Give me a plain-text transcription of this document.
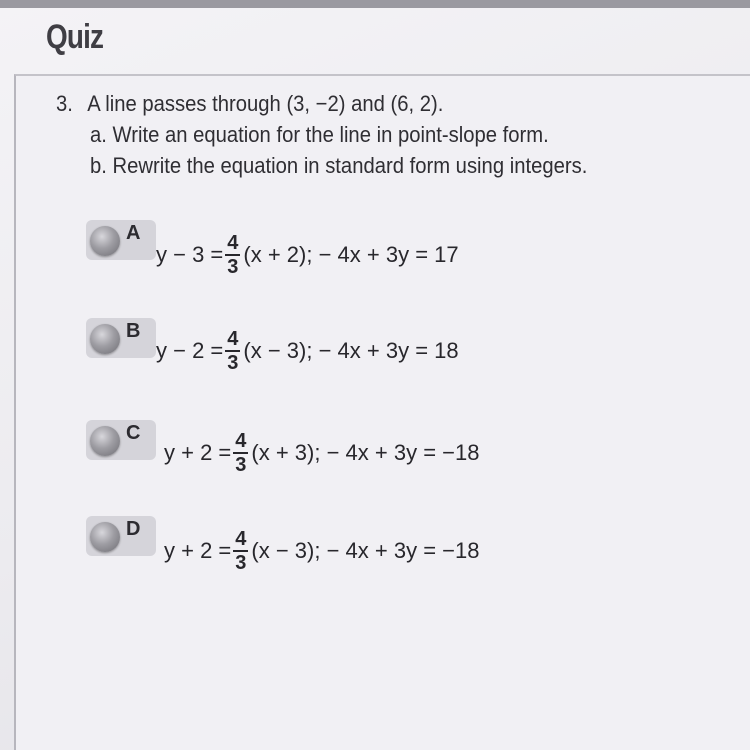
Quiz
3. A line passes through (3, −2) and (6, 2).
a. Write an equation for the line in point-slope form.
b. Rewrite the equation in standard form using integers.
A
$y - 3 = \frac{4}{3} (x + 2)$; − 4x + 3y = 17
B
$y - 2 = \frac{4}{3} (x - 3)$; − 4x + 3y = 18
C
$y + 2 = \frac{4}{3} (x + 3)$; − 4x + 3y = −18
D
$y + 2 = \frac{4}{3} (x - 3)$; − 4x + 3y = −18
